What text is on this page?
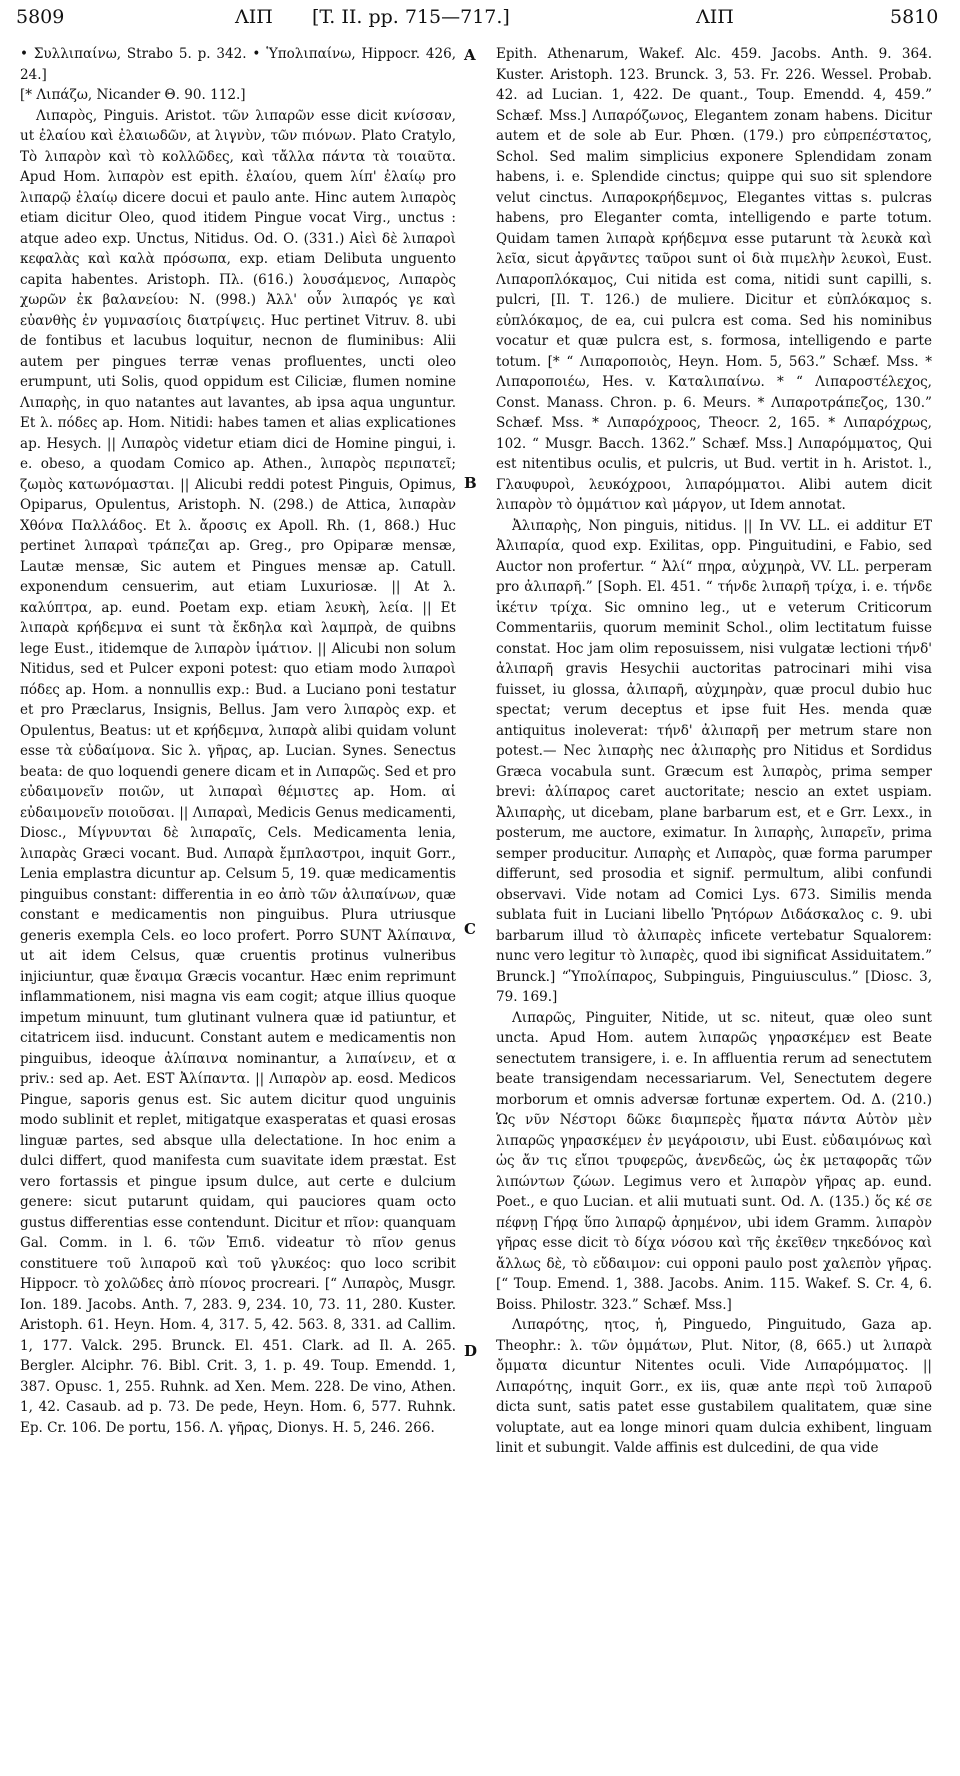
5809	ΛΙΠ [T. II. pp. 715—717.]	ΛΙΠ	5810
A
B
C
D

• Συλλιπαίνω, Strabo 5. p. 342. • Ὑπολιπαίνω, Hippocr. 426, 24.]

[* Λιπάζω, Nicander Θ. 90. 112.]

Λιπαρὸς, Pinguis. Aristot. τῶν λιπαρῶν esse dicit κνίσσαν, ut ἐλαίου καὶ ἐλαιωδῶν, at λιγνὺν, τῶν πιόνων. Plato Cratylo, Τὸ λιπαρὸν καὶ τὸ κολλῶδες, καὶ τἄλλα πάντα τὰ τοιαῦτα. Apud Hom. λιπαρὸν est epith. ἐλαίου, quem λίπ' ἐλαίῳ pro λιπαρῷ ἐλαίῳ dicere docui et paulo ante. Hinc autem λιπαρὸς etiam dicitur Oleo, quod itidem Pingue vocat Virg., unctus : atque adeo exp. Unctus, Nitidus. Od. Ο. (331.) Αἰεὶ δὲ λιπαροὶ κεφαλὰς καὶ καλὰ πρόσωπα, exp. etiam Delibuta unguento capita habentes. Aristoph. Πλ. (616.) λουσάμενος, Λιπαρὸς χωρῶν ἐκ βαλανείου: Ν. (998.) Ἀλλ' οὖν λιπαρός γε καὶ εὐανθὴς ἐν γυμνασίοις διατρίψεις. Huc pertinet Vitruv. 8. ubi de fontibus et lacubus loquitur, necnon de fluminibus: Alii autem per pingues terræ venas profluentes, uncti oleo erumpunt, uti Solis, quod oppidum est Ciliciæ, flumen nomine Λιπαρὴς, in quo natantes aut lavantes, ab ipsa aqua unguntur. Et λ. πόδες ap. Hom. Nitidi: habes tamen et alias explicationes ap. Hesych. || Λιπαρὸς videtur etiam dici de Homine pingui, i. e. obeso, a quodam Comico ap. Athen., λιπαρὸς περιπατεῖ; ζωμὸς κατωνόμασται. || Alicubi reddi potest Pinguis, Opimus, Opiparus, Opulentus, Aristoph. Ν. (298.) de Attica, λιπαρὰν Χθόνα Παλλάδος. Et λ. ἄροσις ex Apoll. Rh. (1, 868.) Huc pertinet λιπαραὶ τράπεζαι ap. Greg., pro Opiparæ mensæ, Lautæ mensæ, Sic autem et Pingues mensæ ap. Catull. exponendum censuerim, aut etiam Luxuriosæ. || At λ. καλύπτρα, ap. eund. Poetam exp. etiam λευκὴ, λεία. || Et λιπαρὰ κρήδεμνα ei sunt τὰ ἔκδηλα καὶ λαμπρὰ, de quibns lege Eust., itidemque de λιπαρὸν ἱμάτιον. || Alicubi non solum Nitidus, sed et Pulcer exponi potest: quo etiam modo λιπαροὶ πόδες ap. Hom. a nonnullis exp.: Bud. a Luciano poni testatur et pro Præclarus, Insignis, Bellus. Jam vero λιπαρὸς exp. et Opulentus, Beatus: ut et κρήδεμνα, λιπαρὰ alibi quidam volunt esse τὰ εὐδαίμονα. Sic λ. γῆρας, ap. Lucian. Synes. Senectus beata: de quo loquendi genere dicam et in Λιπαρῶς. Sed et pro εὐδαιμονεῖν ποιῶν, ut λιπαραὶ θέμιστες ap. Hom. αἱ εὐδαιμονεῖν ποιοῦσαι. || Λιπαραὶ, Medicis Genus medicamenti, Diosc., Μίγνυνται δὲ λιπαραῖς, Cels. Medicamenta lenia, λιπαρὰς Græci vocant. Bud. Λιπαρὰ ἔμπλαστροι, inquit Gorr., Lenia emplastra dicuntur ap. Celsum 5, 19. quæ medicamentis pinguibus constant: differentia in eo ἀπὸ τῶν ἀλιπαίνων, quæ constant e medicamentis non pinguibus. Plura utriusque generis exempla Cels. eo loco profert. Porro SUNT Ἀλίπαινα, ut ait idem Celsus, quæ cruentis protinus vulneribus injiciuntur, quæ ἔναιμα Græcis vocantur. Hæc enim reprimunt inflammationem, nisi magna vis eam cogit; atque illius quoque impetum minuunt, tum glutinant vulnera quæ id patiuntur, et citatricem iisd. inducunt. Constant autem e medicamentis non pinguibus, ideoque ἀλίπαινα nominantur, a λιπαίνειν, et α priv.: sed ap. Aet. EST Ἀλίπαντα. || Λιπαρὸν ap. eosd. Medicos Pingue, saporis genus est. Sic autem dicitur quod unguinis modo sublinit et replet, mitigatque exasperatas et quasi erosas linguæ partes, sed absque ulla delectatione. In hoc enim a dulci differt, quod manifesta cum suavitate idem præstat. Est vero fortassis et pingue ipsum dulce, aut certe e dulcium genere: sicut putarunt quidam, qui pauciores quam octo gustus differentias esse contendunt. Dicitur et πῖον: quanquam Gal. Comm. in l. 6. τῶν Ἐπιδ. videatur τὸ πῖον genus constituere τοῦ λιπαροῦ καὶ τοῦ γλυκέος: quo loco scribit Hippocr. τὸ χολῶδες ἀπὸ πίονος procreari. [“ Λιπαρὸς, Musgr. Ion. 189. Jacobs. Anth. 7, 283. 9, 234. 10, 73. 11, 280. Kuster. Aristoph. 61. Heyn. Hom. 4, 317. 5, 42. 563. 8, 331. ad Callim. 1, 177. Valck. 295. Brunck. El. 451. Clark. ad Il. A. 265. Bergler. Alciphr. 76. Bibl. Crit. 3, 1. p. 49. Toup. Emendd. 1, 387. Opusc. 1, 255. Ruhnk. ad Xen. Mem. 228. De vino, Athen. 1, 42. Casaub. ad p. 73. De pede, Heyn. Hom. 6, 577. Ruhnk. Ep. Cr. 106. De portu, 156. Λ. γῆρας, Dionys. H. 5, 246. 266.

Epith. Athenarum, Wakef. Alc. 459. Jacobs. Anth. 9. 364. Kuster. Aristoph. 123. Brunck. 3, 53. Fr. 226. Wessel. Probab. 42. ad Lucian. 1, 422. De quant., Toup. Emendd. 4, 459.” Schæf. Mss.] Λιπαρόζωνος, Elegantem zonam habens. Dicitur autem et de sole ab Eur. Phœn. (179.) pro εὐπρεπέστατος, Schol. Sed malim simplicius exponere Splendidam zonam habens, i. e. Splendide cinctus; quippe qui suo sit splendore velut cinctus. Λιπαροκρήδεμνος, Elegantes vittas s. pulcras habens, pro Eleganter comta, intelligendo e parte totum. Quidam tamen λιπαρὰ κρήδεμνα esse putarunt τὰ λευκὰ καὶ λεῖα, sicut ἀργᾶντες ταῦροι sunt οἱ διὰ πιμελὴν λευκοὶ, Eust. Λιπαροπλόκαμος, Cui nitida est coma, nitidi sunt capilli, s. pulcri, [Il. Τ. 126.) de muliere. Dicitur et εὐπλόκαμος s. εὐπλόκαμος, de ea, cui pulcra est coma. Sed his nominibus vocatur et quæ pulcra est, s. formosa, intelligendo e parte totum. [* “ Λιπαροποιὸς, Heyn. Hom. 5, 563.” Schæf. Mss. * Λιπαροποιέω, Hes. v. Καταλιπαίνω. * “ Λιπαροστέλεχος, Const. Manass. Chron. p. 6. Meurs. * Λιπαροτράπεζος, 130.” Schæf. Mss. * Λιπαρόχροος, Theocr. 2, 165. * Λιπαρόχρως, 102. “ Musgr. Bacch. 1362.” Schæf. Mss.] Λιπαρόμματος, Qui est nitentibus oculis, et pulcris, ut Bud. vertit in h. Aristot. l., Γλαυφυροὶ, λευκόχροοι, λιπαρόμματοι. Alibi autem dicit λιπαρὸν τὸ ὀμμάτιον καὶ μάργον, ut Idem annotat.

Ἀλιπαρὴς, Non pinguis, nitidus. || In VV. LL. ei additur ET Ἀλιπαρία, quod exp. Exilitas, opp. Pinguitudini, e Fabio, sed Auctor non profertur. “ Ἀλί“ πηρα, αὐχμηρὰ, VV. LL. perperam pro ἀλιπαρῆ.” [Soph. El. 451. “ τήνδε λιπαρῆ τρίχα, i. e. τήνδε ἱκέτιν τρίχα. Sic omnino leg., ut e veterum Criticorum Commentariis, quorum meminit Schol., olim lectitatum fuisse constat. Hoc jam olim reposuissem, nisi vulgatæ lectioni τήνδ' ἀλιπαρῆ gravis Hesychii auctoritas patrocinari mihi visa fuisset, iu glossa, ἀλιπαρῆ, αὐχμηρὰν, quæ procul dubio huc spectat; verum deceptus et ipse fuit Hes. menda quæ antiquitus inoleverat: τήνδ' ἀλιπαρῆ per metrum stare non potest.— Nec λιπαρὴς nec ἀλιπαρὴς pro Nitidus et Sordidus Græca vocabula sunt. Græcum est λιπαρὸς, prima semper brevi: ἀλίπαρος caret auctoritate; nescio an extet uspiam. Ἀλιπαρὴς, ut dicebam, plane barbarum est, et e Grr. Lexx., in posterum, me auctore, eximatur. In λιπαρὴς, λιπαρεῖν, prima semper producitur. Λιπαρὴς et Λιπαρὸς, quæ forma parumper differunt, sed prosodia et signif. permultum, alibi confundi observavi. Vide notam ad Comici Lys. 673. Similis menda sublata fuit in Luciani libello Ῥητόρων Διδάσκαλος c. 9. ubi barbarum illud τὸ ἀλιπαρὲς inficete vertebatur Squalorem: nunc vero legitur τὸ λιπαρὲς, quod ibi significat Assiduitatem.” Brunck.] “Ὑπολίπαρος, Subpinguis, Pinguiusculus.” [Diosc. 3, 79. 169.]

Λιπαρῶς, Pinguiter, Nitide, ut sc. niteut, quæ oleo sunt uncta. Apud Hom. autem λιπαρῶς γηρασκέμεν est Beate senectutem transigere, i. e. In affluentia rerum ad senectutem beate transigendam necessariarum. Vel, Senectutem degere morborum et omnis adversæ fortunæ expertem. Od. Δ. (210.) Ὡς νῦν Νέστορι δῶκε διαμπερὲς ἤματα πάντα Αὐτὸν μὲν λιπαρῶς γηρασκέμεν ἐν μεγάροισιν, ubi Eust. εὐδαιμόνως καὶ ὡς ἄν τις εἴποι τρυφερῶς, ἀνενδεῶς, ὡς ἐκ μεταφορᾶς τῶν λιπώντων ζώων. Legimus vero et λιπαρὸν γῆρας ap. eund. Poet., e quo Lucian. et alii mutuati sunt. Od. Λ. (135.) ὅς κέ σε πέφνῃ Γήρᾳ ὕπο λιπαρῷ ἀρημένον, ubi idem Gramm. λιπαρὸν γῆρας esse dicit τὸ δίχα νόσου καὶ τῆς ἐκεῖθεν τηκεδόνος καὶ ἄλλως δὲ, τὸ εὔδαιμον: cui opponi paulo post χαλεπὸν γῆρας. [“ Toup. Emend. 1, 388. Jacobs. Anim. 115. Wakef. S. Cr. 4, 6. Boiss. Philostr. 323.” Schæf. Mss.]

Λιπαρότης, ητος, ἡ, Pinguedo, Pinguitudo, Gaza ap. Theophr.: λ. τῶν ὀμμάτων, Plut. Nitor, (8, 665.) ut λιπαρὰ ὄμματα dicuntur Nitentes oculi. Vide Λιπαρόμματος. || Λιπαρότης, inquit Gorr., ex iis, quæ ante περὶ τοῦ λιπαροῦ dicta sunt, satis patet esse gustabilem qualitatem, quæ sine voluptate, aut ea longe minori quam dulcia exhibent, linguam linit et subungit. Valde affinis est dulcedini, de qua vide
